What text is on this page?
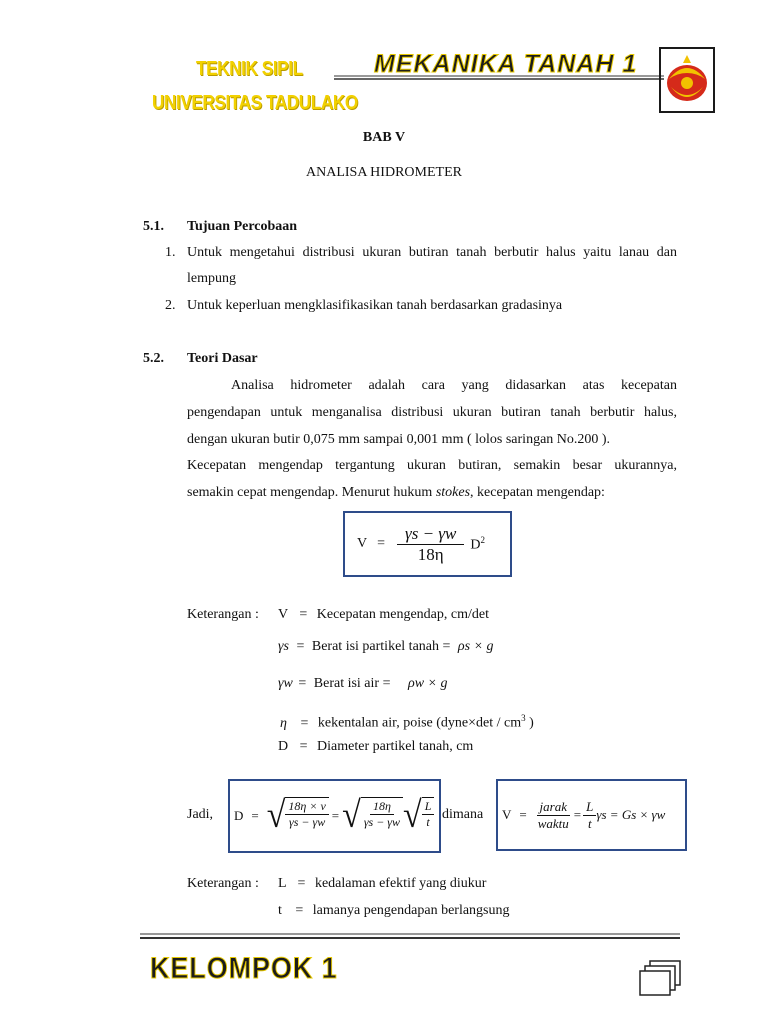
TEKNIK SIPIL
UNIVERSITAS TADULAKO
MEKANIKA TANAH 1
BAB V
ANALISA HIDROMETER
5.1. Tujuan Percobaan
1. Untuk mengetahui distribusi ukuran butiran tanah berbutir halus yaitu lanau dan
lempung
2. Untuk keperluan mengklasifikasikan tanah berdasarkan gradasinya
5.2. Teori Dasar
Analisa hidrometer adalah cara yang didasarkan atas kecepatan
pengendapan untuk menganalisa distribusi ukuran butiran tanah berbutir halus,
dengan ukuran butir 0,075 mm sampai 0,001 mm ( lolos saringan No.200 ).
Kecepatan mengendap tergantung ukuran butiran, semakin besar ukurannya,
semakin cepat mengendap. Menurut hukum stokes, kecepatan mengendap:
$V = \frac{\gamma s - \gamma w}{18\eta} D^2$
Keterangan : V = Kecepatan mengendap, cm/det
γs = Berat isi partikel tanah = ρs × g
γw = Berat isi air = ρw × g
η = kekentalan air, poise (dyne×det / $cm^3$ )
D = Diameter partikel tanah, cm
Jadi, D = √ $\frac{18\eta \times v}{\gamma s - \gamma w}$ = √ $\frac{18\eta}{\gamma s - \gamma w}$ √ $\frac{L}{t}$ dimana $V = \frac{\text{jarak}}{\text{waktu}} = \frac{L}{t}$ γs = Gs × γw
Keterangan : L = kedalaman efektif yang diukur
t = lamanya pengendapan berlangsung
KELOMPOK 1
